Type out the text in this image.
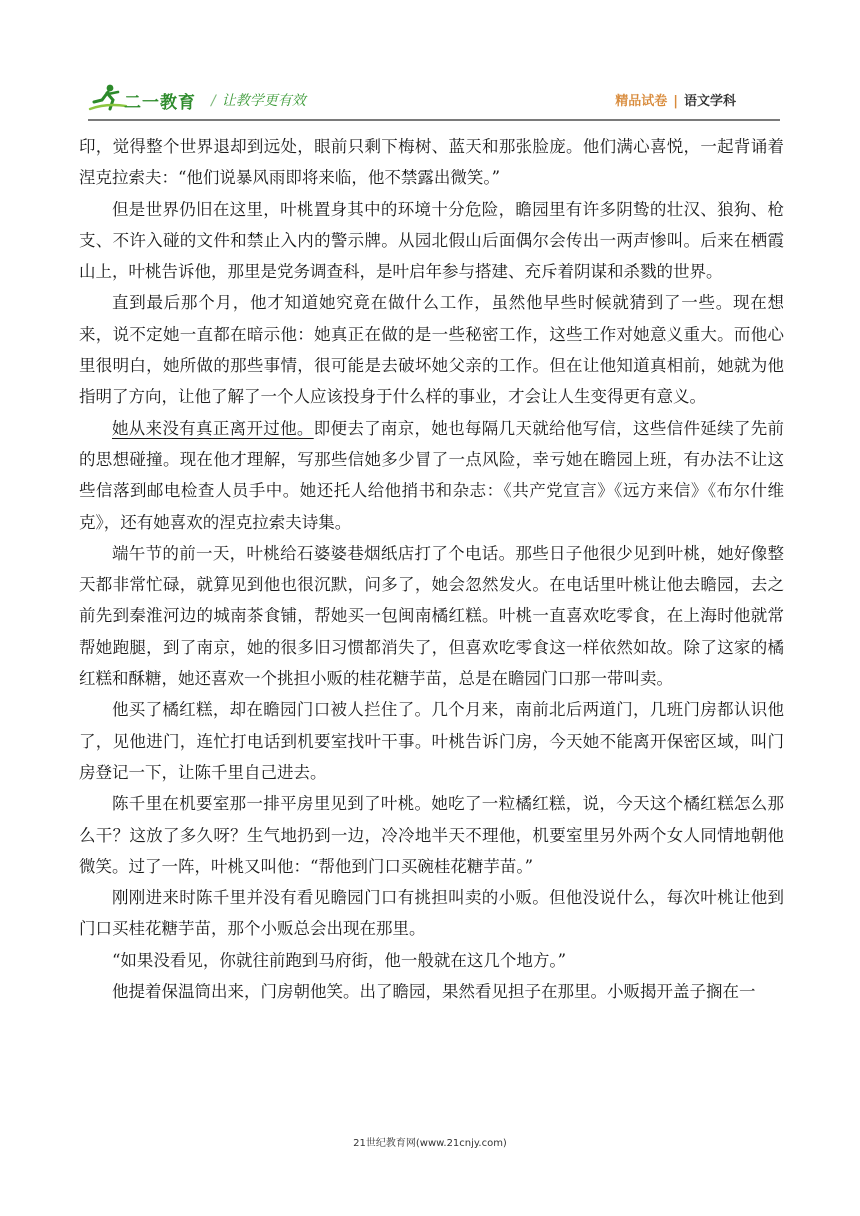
二一教育 / 让教学更有效	精品试卷 | 语文学科

印，觉得整个世界退却到远处，眼前只剩下梅树、蓝天和那张脸庞。他们满心喜悦，一起背诵着涅克拉索夫：“他们说暴风雨即将来临，他不禁露出微笑。”

但是世界仍旧在这里，叶桃置身其中的环境十分危险，瞻园里有许多阴鸷的壮汉、狼狗、枪支、不许入碰的文件和禁止入内的警示牌。从园北假山后面偶尔会传出一两声惨叫。后来在栖霞山上，叶桃告诉他，那里是党务调查科，是叶启年参与搭建、充斥着阴谋和杀戮的世界。

直到最后那个月，他才知道她究竟在做什么工作，虽然他早些时候就猜到了一些。现在想来，说不定她一直都在暗示他：她真正在做的是一些秘密工作，这些工作对她意义重大。而他心里很明白，她所做的那些事情，很可能是去破坏她父亲的工作。但在让他知道真相前，她就为他指明了方向，让他了解了一个人应该投身于什么样的事业，才会让人生变得更有意义。

她从来没有真正离开过他。即便去了南京，她也每隔几天就给他写信，这些信件延续了先前的思想碰撞。现在他才理解，写那些信她多少冒了一点风险，幸亏她在瞻园上班，有办法不让这些信落到邮电检查人员手中。她还托人给他捎书和杂志：《共产党宣言》《远方来信》《布尔什维克》，还有她喜欢的涅克拉索夫诗集。

端午节的前一天，叶桃给石婆婆巷烟纸店打了个电话。那些日子他很少见到叶桃，她好像整天都非常忙碌，就算见到他也很沉默，问多了，她会忽然发火。在电话里叶桃让他去瞻园，去之前先到秦淮河边的城南茶食铺，帮她买一包闽南橘红糕。叶桃一直喜欢吃零食，在上海时他就常帮她跑腿，到了南京，她的很多旧习惯都消失了，但喜欢吃零食这一样依然如故。除了这家的橘红糕和酥糖，她还喜欢一个挑担小贩的桂花糖芋苗，总是在瞻园门口那一带叫卖。

他买了橘红糕，却在瞻园门口被人拦住了。几个月来，南前北后两道门，几班门房都认识他了，见他进门，连忙打电话到机要室找叶干事。叶桃告诉门房，今天她不能离开保密区域，叫门房登记一下，让陈千里自己进去。

陈千里在机要室那一排平房里见到了叶桃。她吃了一粒橘红糕，说，今天这个橘红糕怎么那么干？这放了多久呀？生气地扔到一边，冷冷地半天不理他，机要室里另外两个女人同情地朝他微笑。过了一阵，叶桃又叫他：“帮他到门口买碗桂花糖芋苗。”

刚刚进来时陈千里并没有看见瞻园门口有挑担叫卖的小贩。但他没说什么，每次叶桃让他到门口买桂花糖芋苗，那个小贩总会出现在那里。

“如果没看见，你就往前跑到马府街，他一般就在这几个地方。”

他提着保温筒出来，门房朝他笑。出了瞻园，果然看见担子在那里。小贩揭开盖子搁在一

21世纪教育网(www.21cnjy.com)
